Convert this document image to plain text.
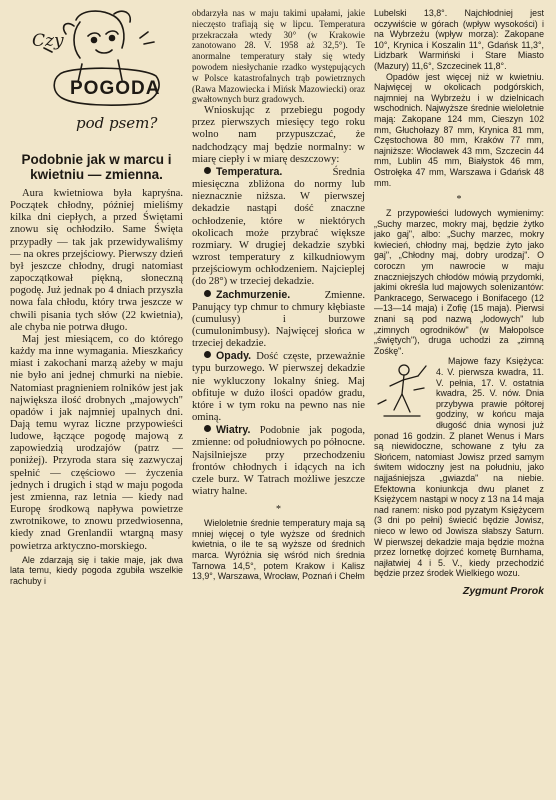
Czy
POGODA
pod psem?
Podobnie jak w marcu i kwietniu — zmienna.

Aura kwietniowa była kapryśna. Początek chłodny, później mieliśmy kilka dni ciepłych, a przed Świętami znowu się ochłodziło. Same Święta przypadły — tak jak przewidywaliśmy — na okres przejściowy. Pierwszy dzień był jeszcze chłodny, drugi natomiast zapoczątkował piękną, słoneczną pogodę. Już jednak po 4 dniach przyszła nowa fala chłodu, który trwa jeszcze w chwili pisania tych słów (22 kwietnia), ale chyba nie potrwa długo.

Maj jest miesiącem, co do którego każdy ma inne wymagania. Mieszkańcy miast i zakochani marzą ażeby w maju nie było ani jednej chmurki na niebie. Natomiast pragnieniem rolników jest jak największa ilość drobnych „majowych" opadów i jak najmniej upalnych dni. Dają temu wyraz liczne przypowieści ludowe, łączące pogodę majową z zapowiedzią urodzajów (patrz — poniżej). Przyroda stara się zazwyczaj spełnić — częściowo — życzenia jednych i drugich i stąd w maju pogoda jest zmienna, raz letnia — kiedy nad Europę środkową napływa powietrze zwrotnikowe, to znowu przedwiosenna, kiedy znad Grenlandii wtargną masy powietrza arktyczno-morskiego.

Ale zdarzają się i takie maje, jak dwa lata temu, kiedy pogoda zgubiła wszelkie rachuby i

obdarzyła nas w maju takimi upałami, jakie nieczęsto trafiają się w lipcu. Temperatura przekraczała wtedy 30° (w Krakowie zanotowano 28. V. 1958 aż 32,5°). Te anormalne temperatury stały się wtedy powodem niesłychanie rzadko występujących w Polsce katastrofalnych trąb powietrznych (Rawa Mazowiecka i Mińsk Mazowiecki) oraz gwałtownych burz gradowych.

Wnioskując z przebiegu pogody przez pierwszych miesięcy tego roku wolno nam przypuszczać, że nadchodzący maj będzie normalny: w miarę ciepły i w miarę deszczowy:

Temperatura.	Średnia miesięczna zbliżona do normy lub nieznacznie niższa. W pierwszej dekadzie nastąpi dość znaczne ochłodzenie, które w niektórych okolicach może przybrać większe rozmiary. W drugiej dekadzie szybki wzrost temperatury z kilkudniowym przejściowym ochłodzeniem. Najcieplej (do 28°) w trzeciej dekadzie.

Zachmurzenie.	Zmienne. Panujący typ chmur to chmury kłębiaste (cumulusy) i burzowe (cumulonimbusy). Najwięcej słońca w trzeciej dekadzie.

Opady. Dość częste, przeważnie typu burzowego. W pierwszej dekadzie nie wykluczony lokalny śnieg. Maj obfituje w dużo ilości opadów gradu, które i w tym roku na pewno nas nie ominą.

Wiatry. Podobnie jak pogoda, zmienne: od południowych po północne. Najsilniejsze przy przechodzeniu frontów chłodnych i idących na ich czele burz. W Tatrach możliwe jeszcze wiatry halne.

*

Wieloletnie średnie temperatury maja są mniej więcej o tyle wyższe od średnich kwietnia, o ile te są wyższe od średnich marca. Wyróżnia się wśród nich średnia Tarnowa 14,5°, potem Krakow i Kalisz 13,9°, Warszawa, Wrocław, Poznań i Chełm

Lubelski 13,8°. Najchłodniej jest oczywiście w górach (wpływ wysokości) i na Wybrzeżu (wpływ morza): Zakopane 10°, Krynica i Koszalin 11°, Gdańsk 11,3°, Lidzbark Warmiński i Stare Miasto (Mazury) 11,6°, Szczecinek 11,8°.

Opadów jest więcej niż w kwietniu. Najwięcej w okolicach podgórskich, najmniej na Wybrzeżu i w dzielnicach wschodnich. Najwyższe średnie wieloletnie mają: Zakopane 124 mm, Cieszyn 102 mm, Głuchołazy 87 mm, Krynica 81 mm, Częstochowa 80 mm, Kraków 77 mm, najniższe: Włocławek 43 mm, Szczecin 44 mm, Lublin 45 mm, Białystok 46 mm, Ostrołęka 47 mm, Warszawa i Gdańsk 48 mm.

*

Z przypowieści ludowych wymienimy: „Suchy marzec, mokry maj, będzie żytko jako gaj", albo: „Suchy marzec, mokry kwiecień, chłodny maj, będzie żyto jako gaj", „Chłodny maj, dobry urodzaj". O coroczn ym nawrocie w maju znaczniejszych chłodów mówią przydomki, jakimi określa lud majowych solenizantów: Pankracego, Serwacego i Bonifacego (12—13—14 maja) i Zofię (15 maja). Pierwsi znani są pod nazwą „lodowych" lub „zimnych ogrodników" (w Małopolsce „świętych"), druga uchodzi za „zimną Zośkę".

Majowe fazy Księżyca: 4. V. pierwsza kwadra, 11. V. pełnia, 17. V. ostatnia kwadra, 25. V. nów. Dnia przybywa prawie półtorej godziny, w końcu maja długość dnia wynosi już ponad 16 godzin. Z planet Wenus i Mars są niewidoczne, schowane z tyłu za Słońcem, natomiast Jowisz przed samym świtem widoczny jest na południu, jako najjaśniejsza „gwiazda" na niebie. Efektowna koniunkcja dwu planet z Księżycem nastąpi w nocy z 13 na 14 maja nad ranem: nisko pod pyzatym Księżycem (3 dni po pełni) świecić będzie Jowisz, nieco w lewo od Jowisza słabszy Saturn. W pierwszej dekadzie maja będzie można przez lornetkę dojrzeć kometę Burnhama, najłatwiej 4 i 5. V., kiedy przechodzić będzie przez środek Wielkiego wozu.

Zygmunt Prorok
